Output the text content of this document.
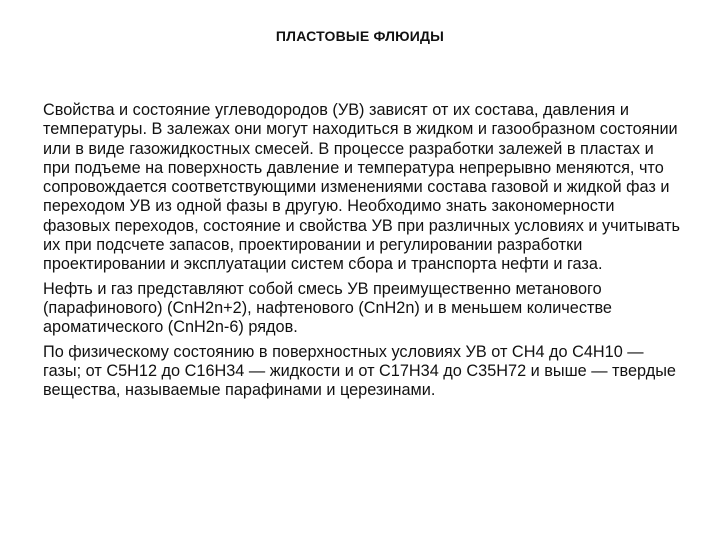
ПЛАСТОВЫЕ ФЛЮИДЫ

Свойства и состояние углеводородов (УВ) зависят от их состава, давления и температуры. В залежах они могут находиться в жидком и газообразном состоянии или в виде газожидкостных смесей. В процессе разработки залежей в пластах и при подъеме на поверхность давление и температура непрерывно меняются, что сопровождается соответствующими изменениями состава газовой и жидкой фаз и переходом УВ из одной фазы в другую. Необходимо знать закономерности фазовых переходов, состояние и свойства УВ при различных условиях и учитывать их при подсчете запасов, проектировании и регулировании разработки проектировании и эксплуатации систем сбора и транспорта нефти и газа.

Нефть и газ представляют собой смесь УВ преимущественно метанового (парафинового) (CnH2n+2), нафтенового (CnH2n) и в меньшем количестве ароматического (CnH2n-6) рядов.

По физическому состоянию в поверхностных условиях УВ от CH4 до C4H10 — газы; от C5H12 до C16H34 — жидкости и от C17H34 до C35H72 и выше — твердые вещества, называемые парафинами и церезинами.
